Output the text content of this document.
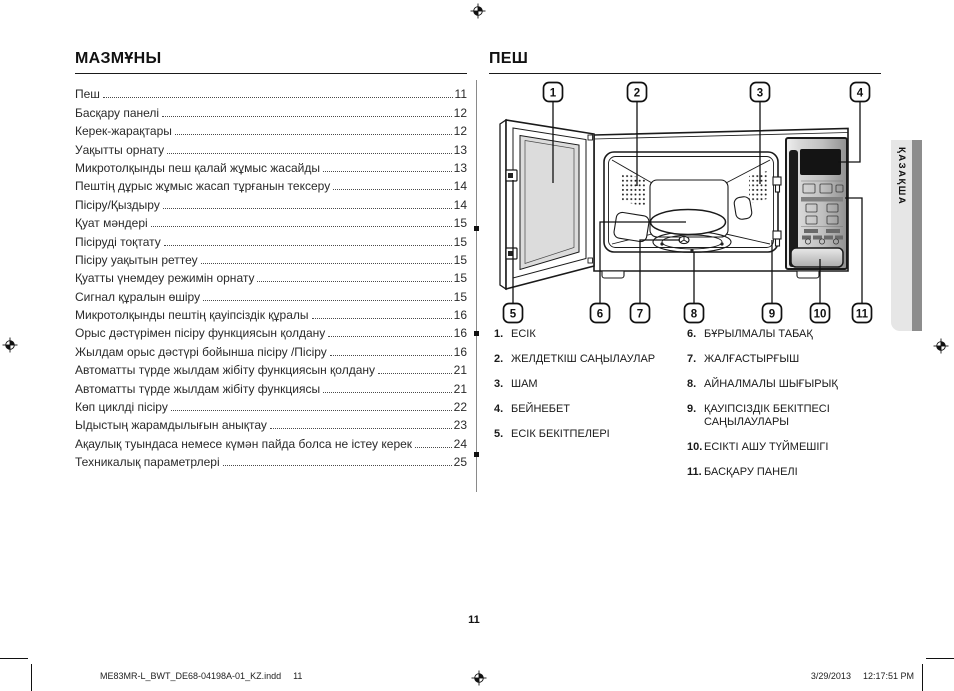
МАЗМҰНЫ
Пеш	11
Басқару панелі	12
Керек-жарақтары	12
Уақытты орнату	13
Микротолқынды пеш қалай жұмыс жасайды	13
Пештің дұрыс жұмыс жасап тұрғанын тексеру	14
Пісіру/Қыздыру	14
Қуат мәндері	15
Пісіруді тоқтату	15
Пісіру уақытын реттеу	15
Қуатты үнемдеу режимін орнату	15
Сигнал құралын өшіру	15
Микротолқынды пештің қауіпсіздік құралы	16
Орыс дәстүрімен пісіру функциясын қолдану	16
Жылдам орыс дәстүрі бойынша пісіру /Пісіру	16
Автоматты түрде жылдам жібіту функциясын қолдану	21
Автоматты түрде жылдам жібіту функциясы	21
Көп циклді пісіру	22
Ыдыстың жарамдылығын анықтау	23
Ақаулық туындаса немесе күмән пайда болса не істеу керек	24
Техникалық параметрлері	25
ПЕШ
1	2	3	4
5	6	7	8	9	10	11
1. ЕСІК
2. ЖЕЛДЕТКІШ САҢЫЛАУЛАР
3. ШАМ
4. БЕЙНЕБЕТ
5. ЕСІК БЕКІТПЕЛЕРІ
6. БҰРЫЛМАЛЫ ТАБАҚ
7. ЖАЛҒАСТЫРҒЫШ
8. АЙНАЛМАЛЫ ШЫҒЫРЫҚ
9. ҚАУІПСІЗДІК БЕКІТПЕСІ САҢЫЛАУЛАРЫ
10. ЕСІКТІ АШУ ТҮЙМЕШІГІ
11. БАСҚАРУ ПАНЕЛІ
ҚАЗАҚША
11
ME83MR-L_BWT_DE68-04198A-01_KZ.indd 11	3/29/2013 12:17:51 PM
